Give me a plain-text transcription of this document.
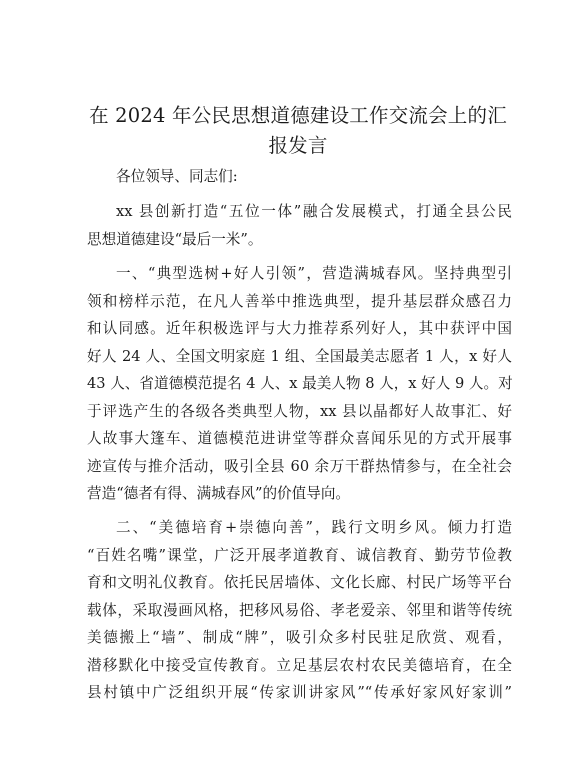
在 2024 年公民思想道德建设工作交流会上的汇报发言
各位领导、同志们:
xx 县创新打造“五位一体”融合发展模式，打通全县公民
思想道德建设“最后一米”。
一、“典型选树+好人引领”，营造满城春风。坚持典型引
领和榜样示范，在凡人善举中推选典型，提升基层群众感召力
和认同感。近年积极选评与大力推荐系列好人，其中获评中国
好人 24 人、全国文明家庭 1 组、全国最美志愿者 1 人，x 好人
43 人、省道德模范提名 4 人、x 最美人物 8 人，x 好人 9 人。对
于评选产生的各级各类典型人物，xx 县以晶都好人故事汇、好
人故事大篷车、道德模范进讲堂等群众喜闻乐见的方式开展事
迹宣传与推介活动，吸引全县 60 余万干群热情参与，在全社会
营造“德者有得、满城春风”的价值导向。
二、“美德培育+崇德向善”，践行文明乡风。倾力打造
“百姓名嘴”课堂，广泛开展孝道教育、诚信教育、勤劳节俭教
育和文明礼仪教育。依托民居墙体、文化长廊、村民广场等平台
载体，采取漫画风格，把移风易俗、孝老爱亲、邻里和谐等传统
美德搬上“墙”、制成“牌”，吸引众多村民驻足欣赏、观看，
潜移默化中接受宣传教育。立足基层农村农民美德培育，在全
县村镇中广泛组织开展“传家训讲家风”“传承好家风好家训”
